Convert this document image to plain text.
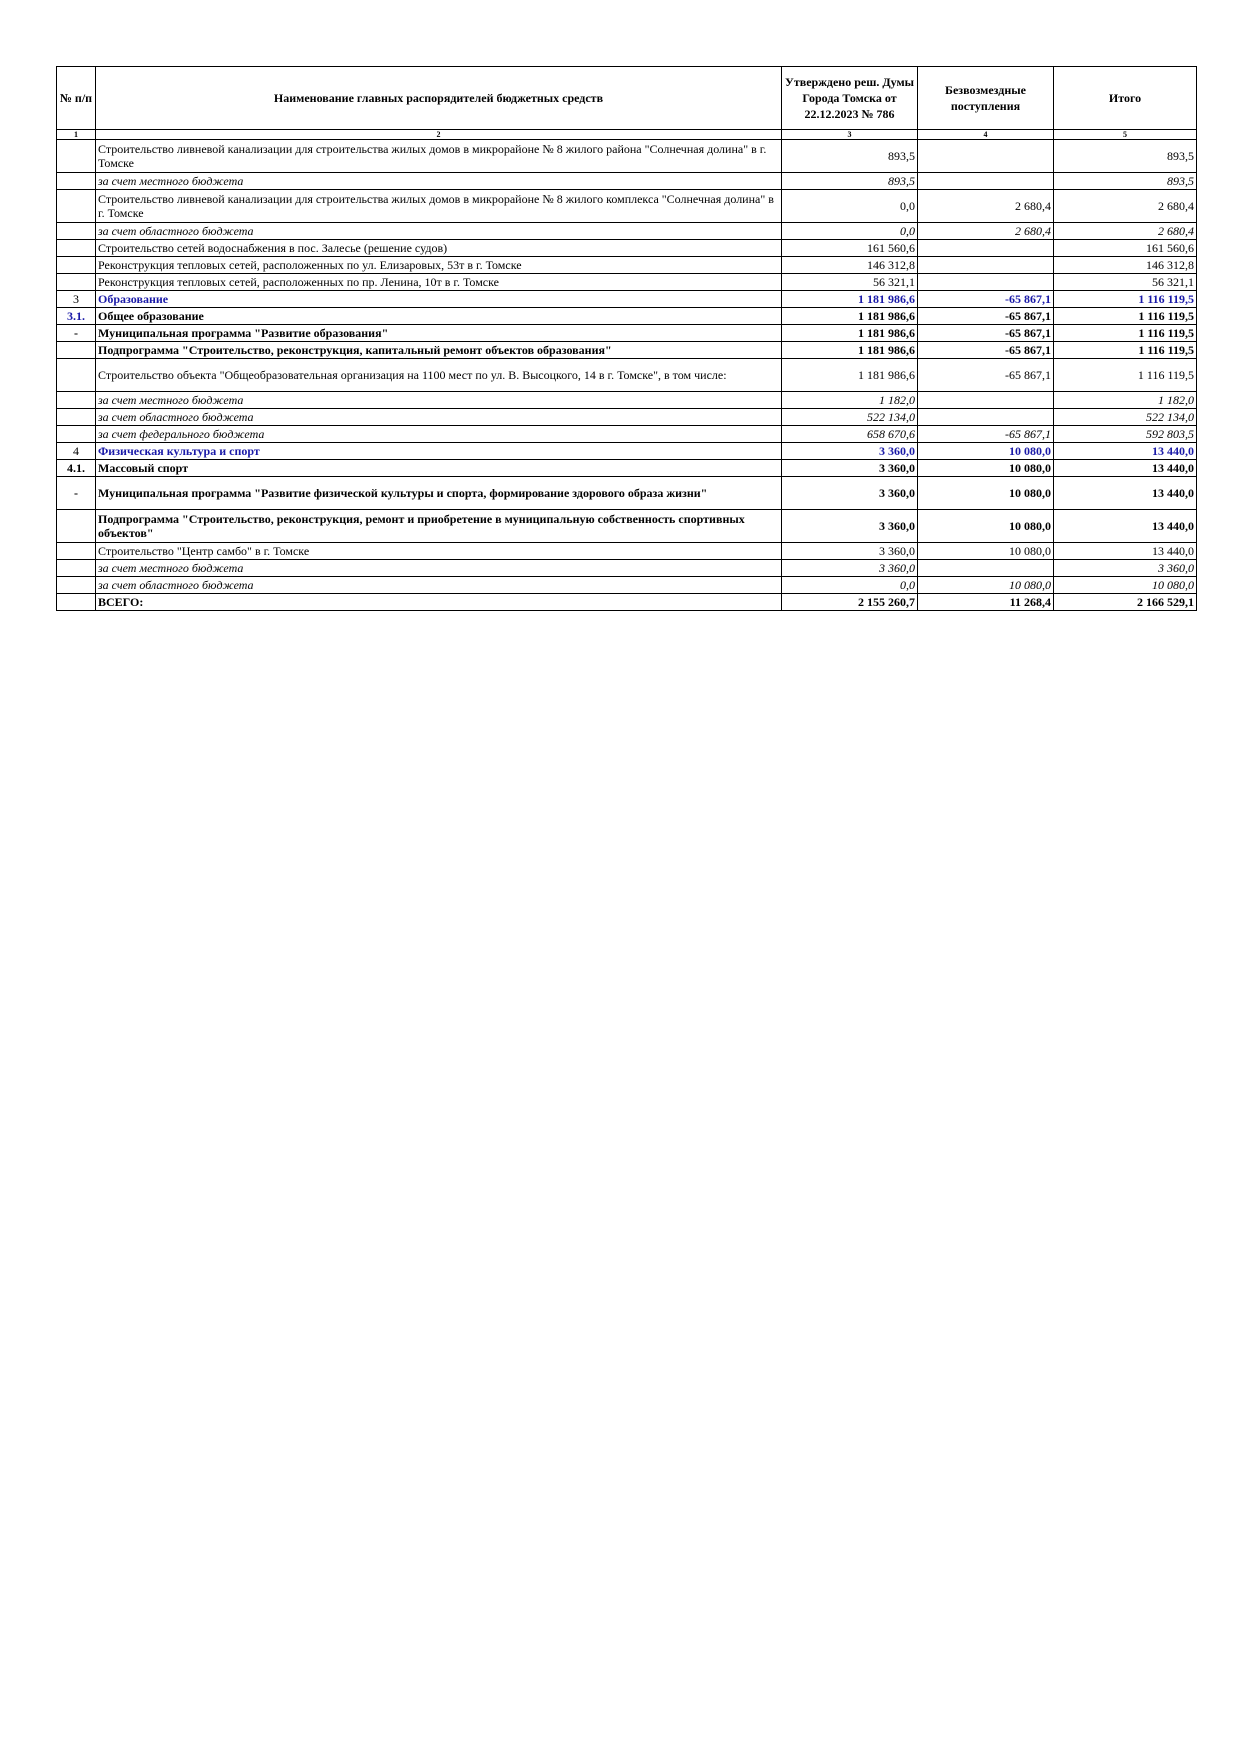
№ п/п	Наименование главных распорядителей бюджетных средств	Утверждено реш. Думы Города Томска от 22.12.2023 № 786	Безвозмездные поступления	Итого
1	2	3	4	5
	Строительство ливневой канализации для строительства жилых домов в микрорайоне № 8 жилого района "Солнечная долина" в г. Томске	893,5		893,5
	за счет местного бюджета	893,5		893,5
	Строительство ливневой канализации для строительства жилых домов в микрорайоне № 8 жилого комплекса "Солнечная долина" в г. Томске	0,0	2 680,4	2 680,4
	за счет областного бюджета	0,0	2 680,4	2 680,4
	Строительство сетей водоснабжения в пос. Залесье (решение судов)	161 560,6		161 560,6
	Реконструкция тепловых сетей, расположенных по ул. Елизаровых, 53т в г. Томске	146 312,8		146 312,8
	Реконструкция тепловых сетей, расположенных по пр. Ленина, 10т в г. Томске	56 321,1		56 321,1
3	Образование	1 181 986,6	-65 867,1	1 116 119,5
3.1.	Общее образование	1 181 986,6	-65 867,1	1 116 119,5
-	Муниципальная программа "Развитие образования"	1 181 986,6	-65 867,1	1 116 119,5
	Подпрограмма "Строительство, реконструкция, капитальный ремонт объектов образования"	1 181 986,6	-65 867,1	1 116 119,5
	Строительство объекта "Общеобразовательная организация на 1100 мест по ул. В. Высоцкого, 14 в г. Томске", в том числе:	1 181 986,6	-65 867,1	1 116 119,5
	за счет местного бюджета	1 182,0		1 182,0
	за счет областного бюджета	522 134,0		522 134,0
	за счет федерального бюджета	658 670,6	-65 867,1	592 803,5
4	Физическая культура и спорт	3 360,0	10 080,0	13 440,0
4.1.	Массовый спорт	3 360,0	10 080,0	13 440,0
-	Муниципальная программа "Развитие физической культуры и спорта, формирование здорового образа жизни"	3 360,0	10 080,0	13 440,0
	Подпрограмма "Строительство, реконструкция, ремонт и приобретение в муниципальную собственность спортивных объектов"	3 360,0	10 080,0	13 440,0
	Строительство "Центр самбо" в г. Томске	3 360,0	10 080,0	13 440,0
	за счет местного бюджета	3 360,0		3 360,0
	за счет областного бюджета	0,0	10 080,0	10 080,0
	ВСЕГО:	2 155 260,7	11 268,4	2 166 529,1
